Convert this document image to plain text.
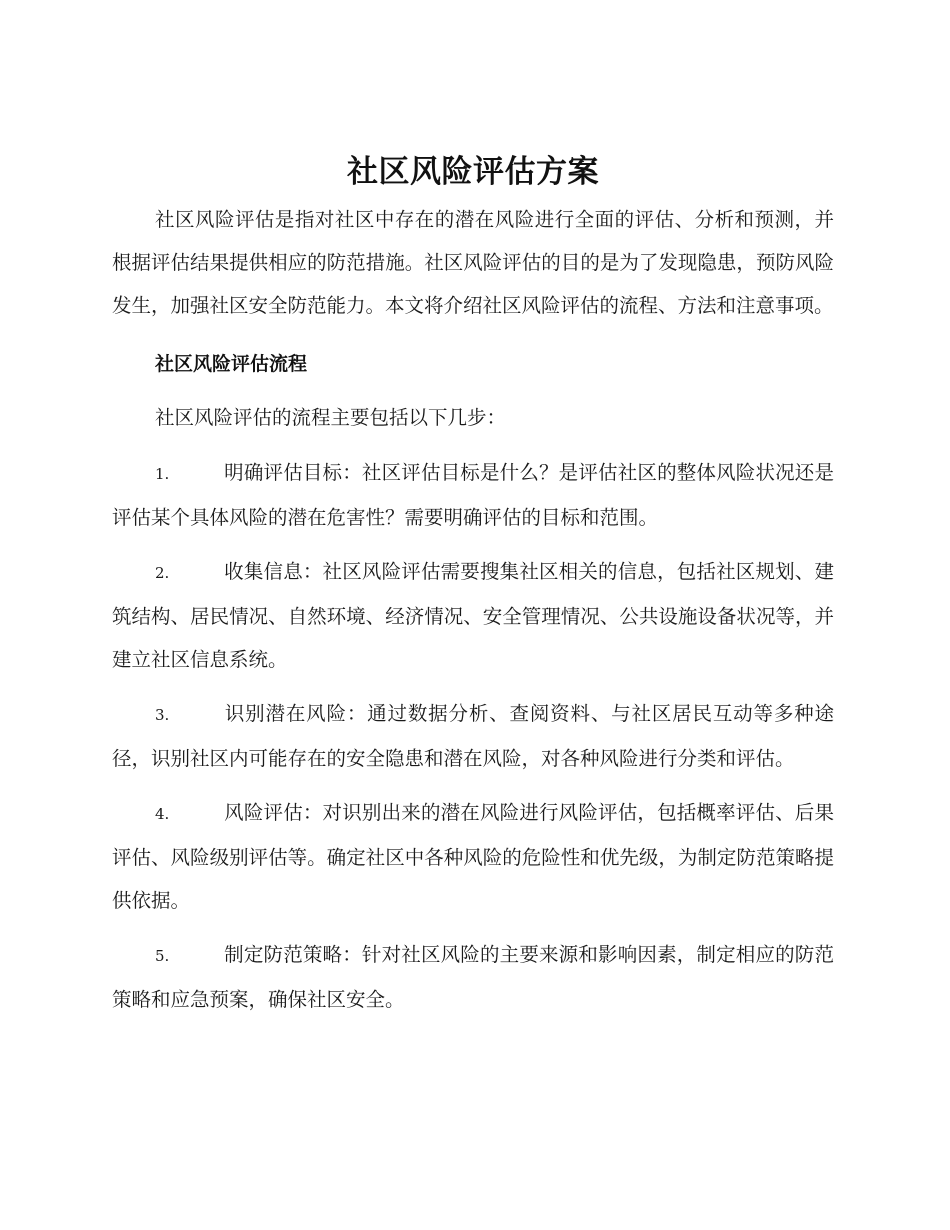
社区风险评估方案

社区风险评估是指对社区中存在的潜在风险进行全面的评估、分析和预测，并根据评估结果提供相应的防范措施。社区风险评估的目的是为了发现隐患，预防风险发生，加强社区安全防范能力。本文将介绍社区风险评估的流程、方法和注意事项。

社区风险评估流程

社区风险评估的流程主要包括以下几步：

1.	明确评估目标：社区评估目标是什么？是评估社区的整体风险状况还是评估某个具体风险的潜在危害性？需要明确评估的目标和范围。
2.	收集信息：社区风险评估需要搜集社区相关的信息，包括社区规划、建筑结构、居民情况、自然环境、经济情况、安全管理情况、公共设施设备状况等，并建立社区信息系统。
3.	识别潜在风险：通过数据分析、查阅资料、与社区居民互动等多种途径，识别社区内可能存在的安全隐患和潜在风险，对各种风险进行分类和评估。
4.	风险评估：对识别出来的潜在风险进行风险评估，包括概率评估、后果评估、风险级别评估等。确定社区中各种风险的危险性和优先级，为制定防范策略提供依据。
5.	制定防范策略：针对社区风险的主要来源和影响因素，制定相应的防范策略和应急预案，确保社区安全。
